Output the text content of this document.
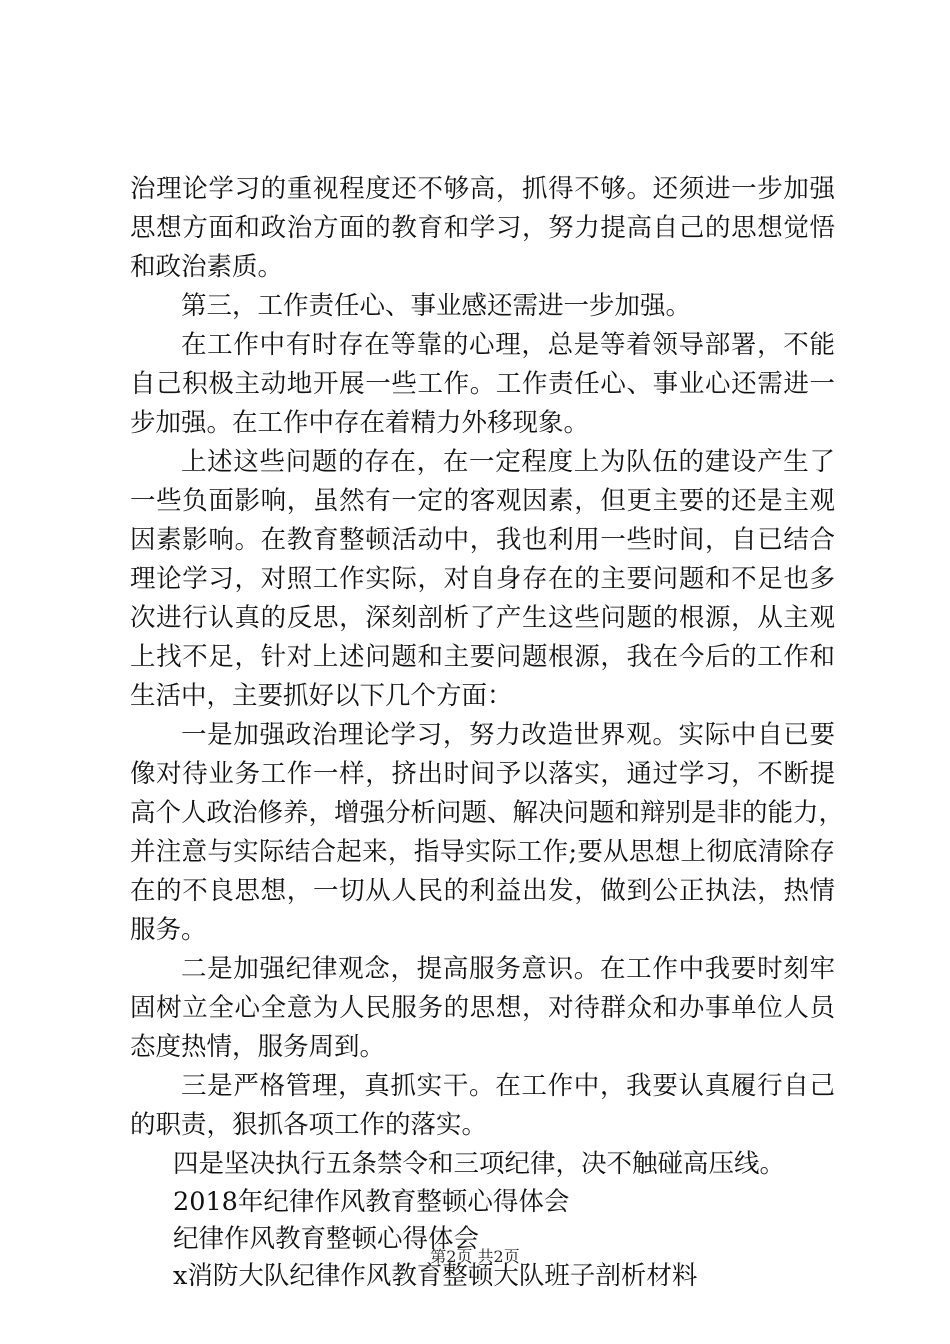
治理论学习的重视程度还不够高，抓得不够。还须进一步加强
思想方面和政治方面的教育和学习，努力提高自己的思想觉悟
和政治素质。
第三，工作责任心、事业感还需进一步加强。
在工作中有时存在等靠的心理，总是等着领导部署，不能
自己积极主动地开展一些工作。工作责任心、事业心还需进一
步加强。在工作中存在着精力外移现象。
上述这些问题的存在，在一定程度上为队伍的建设产生了
一些负面影响，虽然有一定的客观因素，但更主要的还是主观
因素影响。在教育整顿活动中，我也利用一些时间，自已结合
理论学习，对照工作实际，对自身存在的主要问题和不足也多
次进行认真的反思，深刻剖析了产生这些问题的根源，从主观
上找不足，针对上述问题和主要问题根源，我在今后的工作和
生活中，主要抓好以下几个方面：
一是加强政治理论学习，努力改造世界观。实际中自已要
像对待业务工作一样，挤出时间予以落实，通过学习，不断提
高个人政治修养，增强分析问题、解决问题和辩别是非的能力，
并注意与实际结合起来，指导实际工作;要从思想上彻底清除存
在的不良思想，一切从人民的利益出发，做到公正执法，热情
服务。
二是加强纪律观念，提高服务意识。在工作中我要时刻牢
固树立全心全意为人民服务的思想，对待群众和办事单位人员
态度热情，服务周到。
三是严格管理，真抓实干。在工作中，我要认真履行自己
的职责，狠抓各项工作的落实。
四是坚决执行五条禁令和三项纪律，决不触碰高压线。
2018年纪律作风教育整顿心得体会
纪律作风教育整顿心得体会
x消防大队纪律作风教育整顿大队班子剖析材料
第2页 共2页
